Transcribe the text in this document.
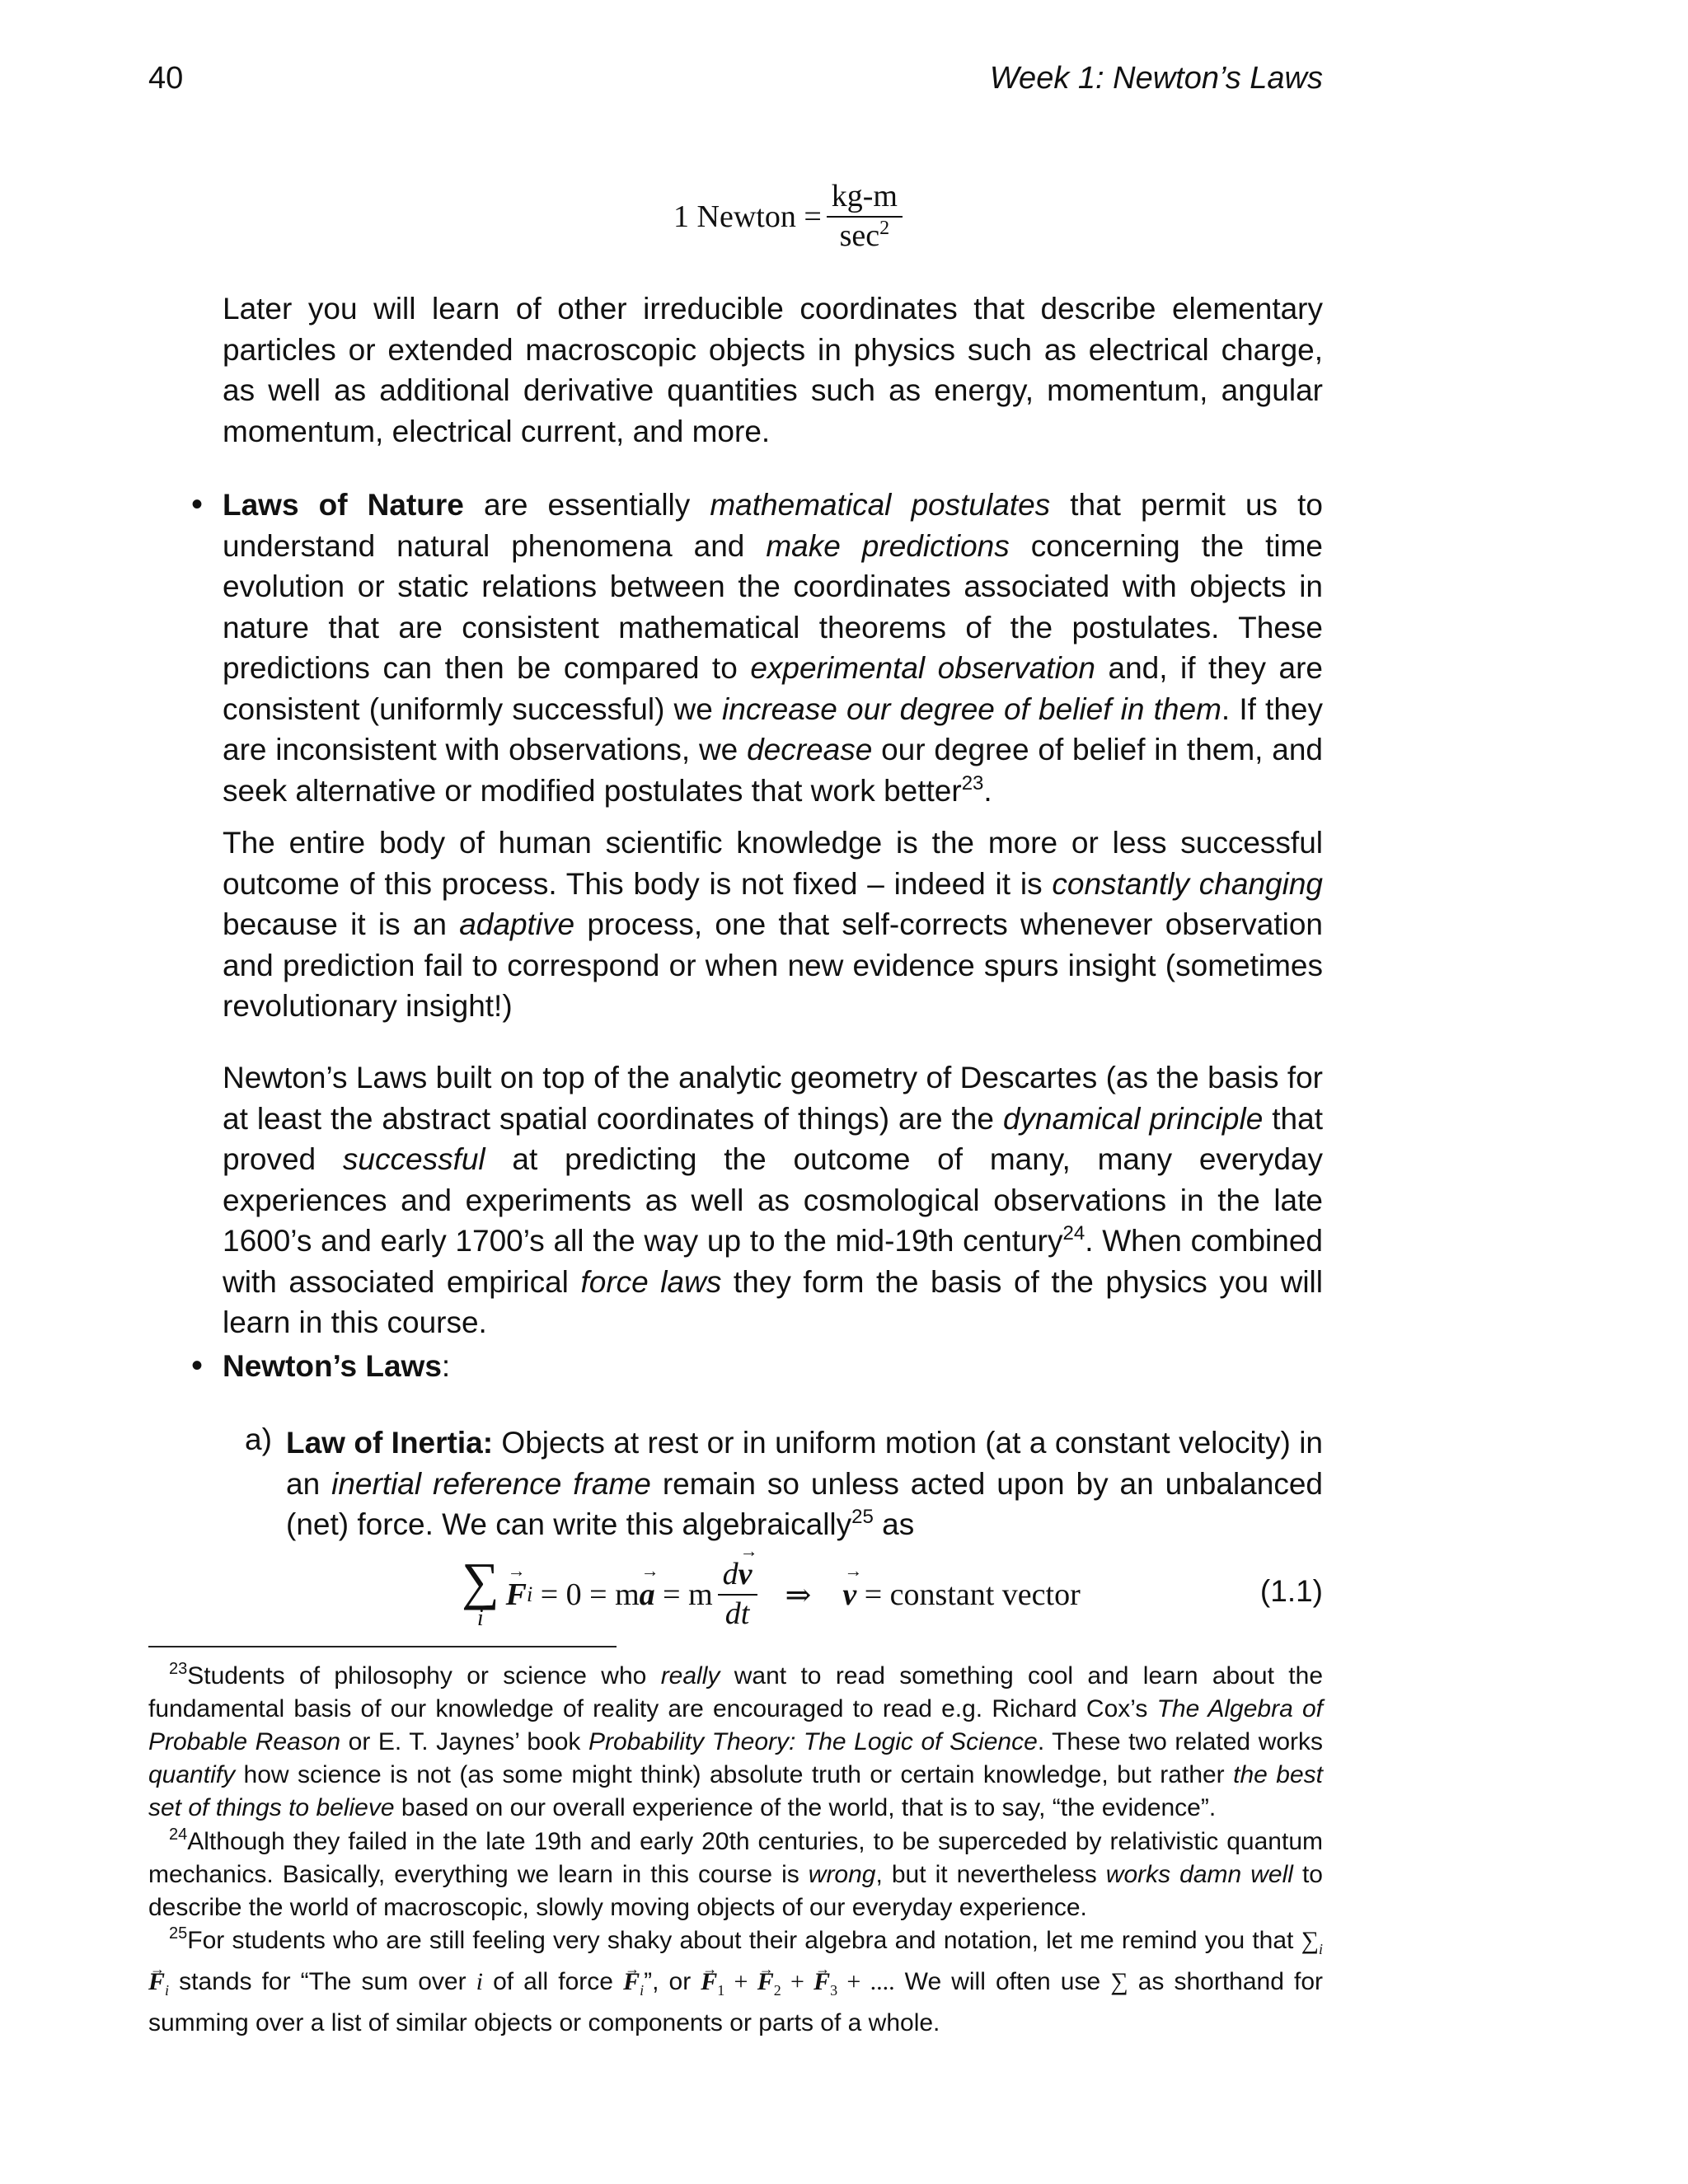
40	Week 1: Newton’s Laws
1 Newton = $\frac{kg-m}{\sec^2}$

Later you will learn of other irreducible coordinates that describe elementary particles or extended macroscopic objects in physics such as electrical charge, as well as additional derivative quantities such as energy, momentum, angular momentum, electrical current, and more.

• Laws of Nature are essentially mathematical postulates that permit us to understand natural phenomena and make predictions concerning the time evolution or static relations between the coordinates associated with objects in nature that are consistent mathematical theorems of the postulates. These predictions can then be compared to experimental observation and, if they are consistent (uniformly successful) we increase our degree of belief in them. If they are inconsistent with observations, we decrease our degree of belief in them, and seek alternative or modified postulates that work better$^{23}$.

The entire body of human scientific knowledge is the more or less successful outcome of this process. This body is not fixed – indeed it is constantly changing because it is an adaptive process, one that self-corrects whenever observation and prediction fail to correspond or when new evidence spurs insight (sometimes revolutionary insight!)

Newton’s Laws built on top of the analytic geometry of Descartes (as the basis for at least the abstract spatial coordinates of things) are the dynamical principle that proved successful at predicting the outcome of many, many everyday experiences and experiments as well as cosmological observations in the late 1600’s and early 1700’s all the way up to the mid-19th century$^{24}$. When combined with associated empirical force laws they form the basis of the physics you will learn in this course.

• Newton’s Laws:

a) Law of Inertia: Objects at rest or in uniform motion (at a constant velocity) in an inertial reference frame remain so unless acted upon by an unbalanced (net) force. We can write this algebraically$^{25}$ as

∑
i
→ F i = 0 = m → a = m $\frac{d\to v}{dt}$ ⇒ → v = constant vector	(1.1)

$^{23}$Students of philosophy or science who really want to read something cool and learn about the fundamental basis of our knowledge of reality are encouraged to read e.g. Richard Cox’s The Algebra of Probable Reason or E. T. Jaynes’ book Probability Theory: The Logic of Science. These two related works quantify how science is not (as some might think) absolute truth or certain knowledge, but rather the best set of things to believe based on our overall experience of the world, that is to say, “the evidence”.

$^{24}$Although they failed in the late 19th and early 20th centuries, to be superceded by relativistic quantum mechanics. Basically, everything we learn in this course is wrong, but it nevertheless works damn well to describe the world of macroscopic, slowly moving objects of our everyday experience.

$^{25}$For students who are still feeling very shaky about their algebra and notation, let me remind you that $\sum_i \to F_i$ stands for “The sum over i of all force → $F_i$”, or → $F_1$ + → $F_2$ + → $F_3$ + .... We will often use ∑ as shorthand for summing over a list of similar objects or components or parts of a whole.
